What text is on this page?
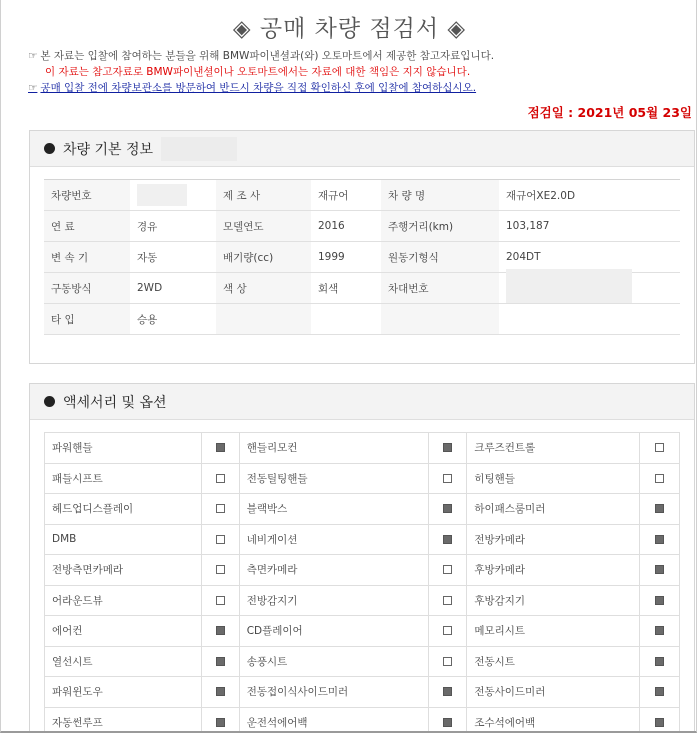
◈ 공매 차량 점검서 ◈
☞ 본 자료는 입찰에 참여하는 분들을 위해 BMW파이낸셜과(와) 오토마트에서 제공한 참고자료입니다.
이 자료는 참고자료로 BMW파이낸셜이나 오토마트에서는 자료에 대한 책임은 지지 않습니다.
☞ 공매 입찰 전에 차량보관소를 방문하여 반드시 차량을 직접 확인하신 후에 입찰에 참여하십시오.
점검일 : 2021년 05월 23일
차량 기본 정보
차량번호		제 조 사	재규어	차 량 명	재규어XE2.0D
연 료	경유	모델연도	2016	주행거리(km)	103,187
변 속 기	자동	배기량(cc)	1999	원동기형식	204DT
구동방식	2WD	색 상	회색	차대번호	
타 입	승용				
액세서리 및 옵션
파워핸들		핸들리모컨		크루즈컨트롤	
패들시프트		전동틸팅핸들		히팅핸들	
헤드업디스플레이		블랙박스		하이패스룸미러	
DMB		네비게이션		전방카메라	
전방측면카메라		측면카메라		후방카메라	
어라운드뷰		전방감지기		후방감지기	
에어컨		CD플레이어		메모리시트	
열선시트		송풍시트		전동시트	
파워윈도우		전동접이식사이드미러		전동사이드미러	
자동썬루프		운전석에어백		조수석에어백	
